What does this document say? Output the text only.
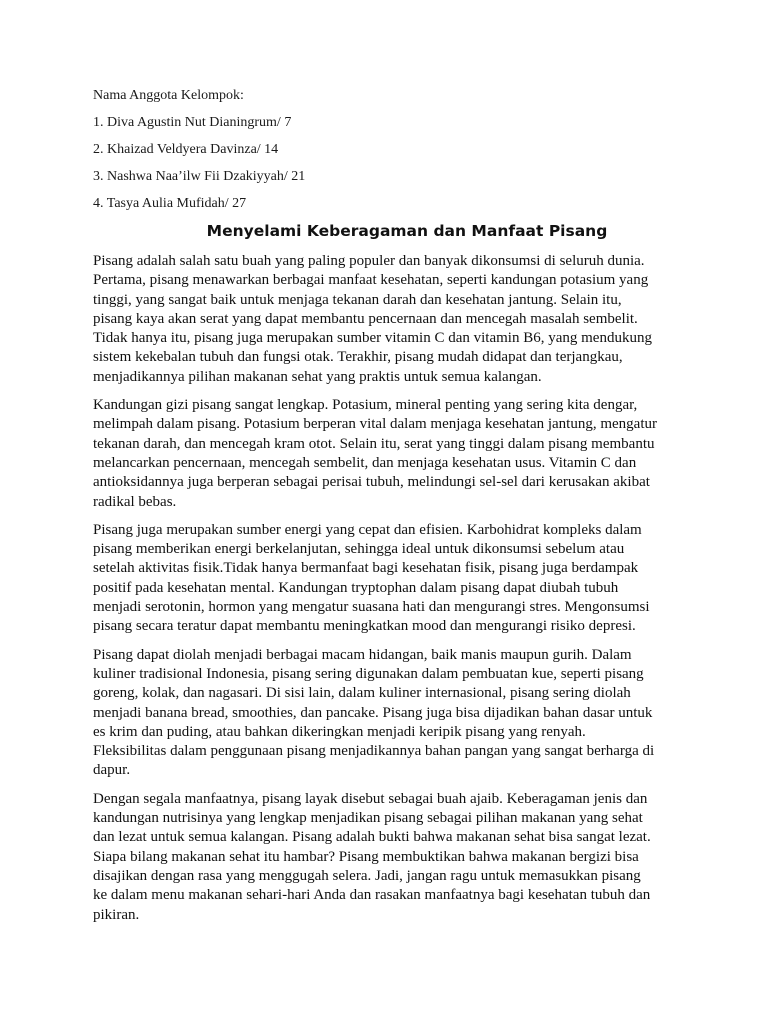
Nama Anggota Kelompok:
1. Diva Agustin Nut Dianingrum/ 7
2. Khaizad Veldyera Davinza/ 14
3. Nashwa Naa’ilw Fii Dzakiyyah/ 21
4. Tasya Aulia Mufidah/ 27
Menyelami Keberagaman dan Manfaat Pisang

Pisang adalah salah satu buah yang paling populer dan banyak dikonsumsi di seluruh dunia.
Pertama, pisang menawarkan berbagai manfaat kesehatan, seperti kandungan potasium yang
tinggi, yang sangat baik untuk menjaga tekanan darah dan kesehatan jantung. Selain itu,
pisang kaya akan serat yang dapat membantu pencernaan dan mencegah masalah sembelit.
Tidak hanya itu, pisang juga merupakan sumber vitamin C dan vitamin B6, yang mendukung
sistem kekebalan tubuh dan fungsi otak. Terakhir, pisang mudah didapat dan terjangkau,
menjadikannya pilihan makanan sehat yang praktis untuk semua kalangan.

Kandungan gizi pisang sangat lengkap. Potasium, mineral penting yang sering kita dengar,
melimpah dalam pisang. Potasium berperan vital dalam menjaga kesehatan jantung, mengatur
tekanan darah, dan mencegah kram otot. Selain itu, serat yang tinggi dalam pisang membantu
melancarkan pencernaan, mencegah sembelit, dan menjaga kesehatan usus. Vitamin C dan
antioksidannya juga berperan sebagai perisai tubuh, melindungi sel-sel dari kerusakan akibat
radikal bebas.

Pisang juga merupakan sumber energi yang cepat dan efisien. Karbohidrat kompleks dalam
pisang memberikan energi berkelanjutan, sehingga ideal untuk dikonsumsi sebelum atau
setelah aktivitas fisik.Tidak hanya bermanfaat bagi kesehatan fisik, pisang juga berdampak
positif pada kesehatan mental. Kandungan tryptophan dalam pisang dapat diubah tubuh
menjadi serotonin, hormon yang mengatur suasana hati dan mengurangi stres. Mengonsumsi
pisang secara teratur dapat membantu meningkatkan mood dan mengurangi risiko depresi.

Pisang dapat diolah menjadi berbagai macam hidangan, baik manis maupun gurih. Dalam
kuliner tradisional Indonesia, pisang sering digunakan dalam pembuatan kue, seperti pisang
goreng, kolak, dan nagasari. Di sisi lain, dalam kuliner internasional, pisang sering diolah
menjadi banana bread, smoothies, dan pancake. Pisang juga bisa dijadikan bahan dasar untuk
es krim dan puding, atau bahkan dikeringkan menjadi keripik pisang yang renyah.
Fleksibilitas dalam penggunaan pisang menjadikannya bahan pangan yang sangat berharga di
dapur.

Dengan segala manfaatnya, pisang layak disebut sebagai buah ajaib. Keberagaman jenis dan
kandungan nutrisinya yang lengkap menjadikan pisang sebagai pilihan makanan yang sehat
dan lezat untuk semua kalangan. Pisang adalah bukti bahwa makanan sehat bisa sangat lezat.
Siapa bilang makanan sehat itu hambar? Pisang membuktikan bahwa makanan bergizi bisa
disajikan dengan rasa yang menggugah selera. Jadi, jangan ragu untuk memasukkan pisang
ke dalam menu makanan sehari-hari Anda dan rasakan manfaatnya bagi kesehatan tubuh dan
pikiran.
